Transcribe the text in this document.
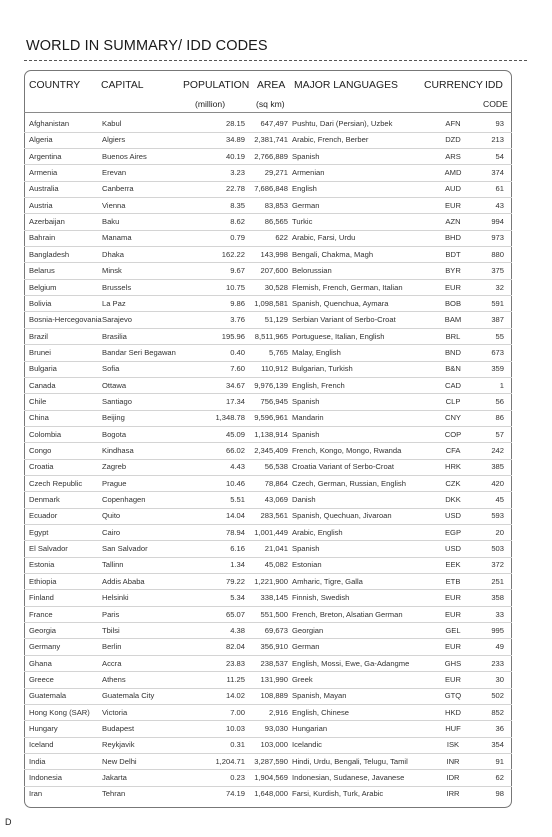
WORLD IN SUMMARY/ IDD CODES
COUNTRY CAPITAL	POPULATION AREA MAJOR LANGUAGES	CURRENCY IDD
(million)	(sq km)	CODE
Afghanistan	Kabul	28.15 647,497 Pushtu, Dari (Persian), Uzbek	AFN	93
Algeria	Algiers	34.89 2,381,741 Arabic, French, Berber	DZD	213
Argentina	Buenos Aires	40.19 2,766,889 Spanish	ARS	54
Armenia	Erevan	3.23	29,271 Armenian	AMD	374
Australia	Canberra	22.78 7,686,848 English	AUD	61
Austria	Vienna	8.35	83,853 German	EUR	43
Azerbaijan	Baku	8.62	86,565 Turkic	AZN	994
Bahrain	Manama	0.79	622 Arabic, Farsi, Urdu	BHD	973
Bangladesh	Dhaka	162.22 143,998 Bengali, Chakma, Magh	BDT	880
Belarus	Minsk	9.67 207,600 Belorussian	BYR	375
Belgium	Brussels	10.75	30,528 Flemish, French, German, Italian	EUR	32
Bolivia	La Paz	9.86 1,098,581 Spanish, Quenchua, Aymara	BOB	591
Bosnia-Hercegovania Sarajevo	3.76	51,129 Serbian Variant of Serbo-Croat	BAM	387
Brazil	Brasilia	195.96 8,511,965 Portuguese, Italian, English	BRL	55
Brunei	Bandar Seri Begawan	0.40	5,765 Malay, English	BND	673
Bulgaria	Sofia	7.60 110,912 Bulgarian, Turkish	B&N	359
Canada	Ottawa	34.67 9,976,139 English, French	CAD	1
Chile	Santiago	17.34 756,945 Spanish	CLP	56
China	Beijing	1,348.78 9,596,961 Mandarin	CNY	86
Colombia	Bogota	45.09 1,138,914 Spanish	COP	57
Congo	Kindhasa	66.02 2,345,409 French, Kongo, Mongo, Rwanda	CFA	242
Croatia	Zagreb	4.43	56,538 Croatia Variant of Serbo-Croat	HRK	385
Czech Republic	Prague	10.46	78,864 Czech, German, Russian, English	CZK	420
Denmark	Copenhagen	5.51	43,069 Danish	DKK	45
Ecuador	Quito	14.04 283,561 Spanish, Quechuan, Jivaroan	USD	593
Egypt	Cairo	78.94 1,001,449 Arabic, English	EGP	20
El Salvador	San Salvador	6.16	21,041 Spanish	USD	503
Estonia	Tallinn	1.34	45,082 Estonian	EEK	372
Ethiopia	Addis Ababa	79.22 1,221,900 Amharic, Tigre, Galla	ETB	251
Finland	Helsinki	5.34 338,145 Finnish, Swedish	EUR	358
France	Paris	65.07 551,500 French, Breton, Alsatian German	EUR	33
Georgia	Tbilsi	4.38	69,673 Georgian	GEL	995
Germany	Berlin	82.04 356,910 German	EUR	49
Ghana	Accra	23.83 238,537 English, Mossi, Ewe, Ga-Adangme	GHS	233
Greece	Athens	11.25 131,990 Greek	EUR	30
Guatemala	Guatemala City	14.02 108,889 Spanish, Mayan	GTQ	502
Hong Kong (SAR)	Victoria	7.00	2,916 English, Chinese	HKD	852
Hungary	Budapest	10.03	93,030 Hungarian	HUF	36
Iceland	Reykjavik	0.31 103,000 Icelandic	ISK	354
India	New Delhi	1,204.71 3,287,590 Hindi, Urdu, Bengali, Telugu, Tamil	INR	91
Indonesia	Jakarta	0.23 1,904,569 Indonesian, Sudanese, Javanese	IDR	62
Iran	Tehran	74.19 1,648,000 Farsi, Kurdish, Turk, Arabic	IRR	98
D
